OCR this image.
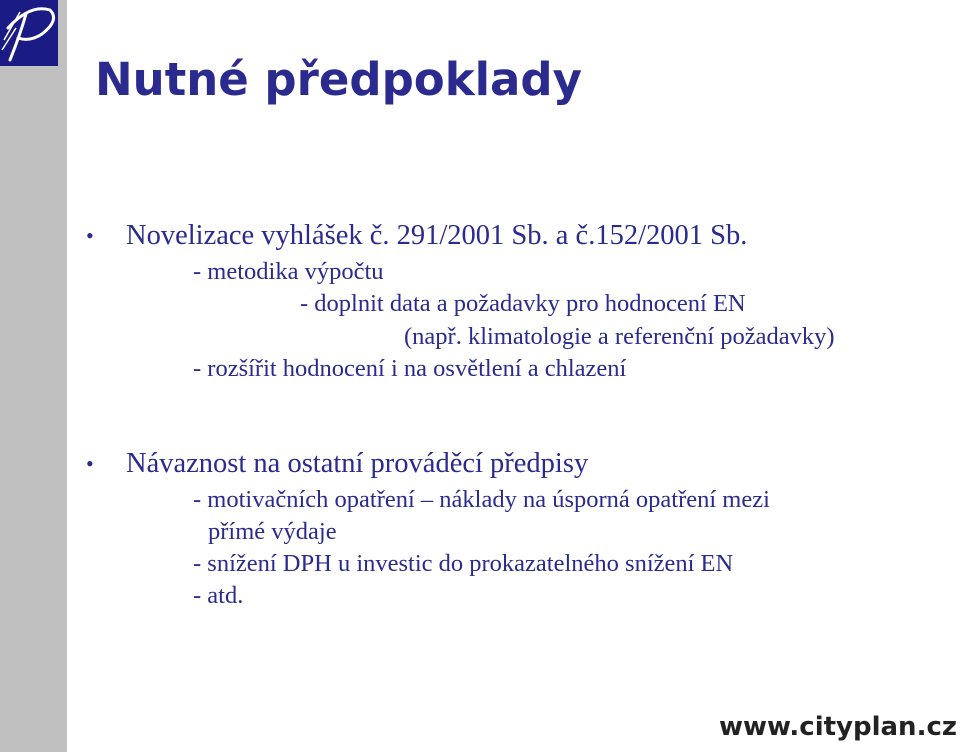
Nutné předpoklady
• Novelizace vyhlášek č. 291/2001 Sb. a č.152/2001 Sb.
- metodika výpočtu
- doplnit data a požadavky pro hodnocení EN
(např. klimatologie a referenční požadavky)
- rozšířit hodnocení i na osvětlení a chlazení
• Návaznost na ostatní prováděcí předpisy
- motivačních opatření – náklady na úsporná opatření mezi
přímé výdaje
- snížení DPH u investic do prokazatelného snížení EN
- atd.
www.cityplan.cz
